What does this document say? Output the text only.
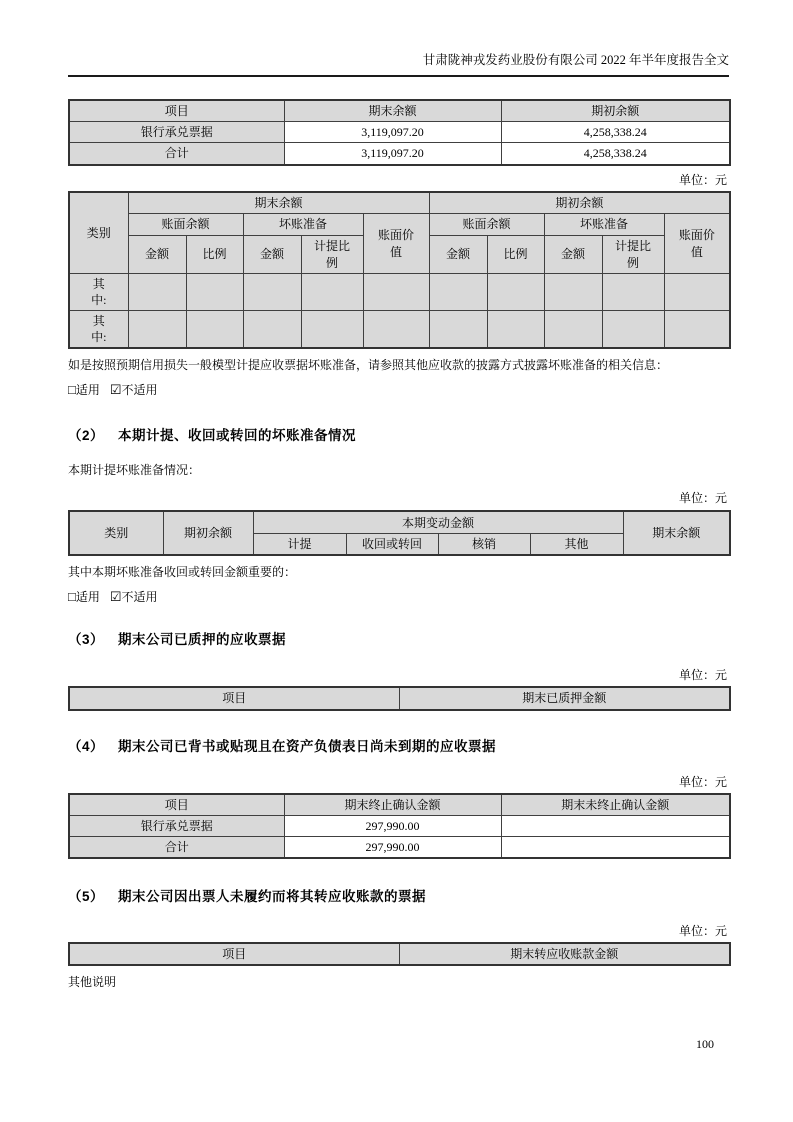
甘肃陇神戎发药业股份有限公司 2022 年半年度报告全文
项目	期末余额	期初余额
银行承兑票据	3,119,097.20	4,258,338.24
合计	3,119,097.20	4,258,338.24
单位：元
类别	期末余额					期初余额				
	账面余额		坏账准备		账面价值	账面余额		坏账准备		账面价值
	金额	比例	金额	计提比例		金额	比例	金额	计提比例	
其中:										
其中:										

如是按照预期信用损失一般模型计提应收票据坏账准备，请参照其他应收款的披露方式披露坏账准备的相关信息：

□适用 ☑不适用
（2） 本期计提、收回或转回的坏账准备情况

本期计提坏账准备情况：

单位：元
类别	期初余额	本期变动金额				期末余额
		计提	收回或转回	核销	其他	

其中本期坏账准备收回或转回金额重要的：

□适用 ☑不适用
（3） 期末公司已质押的应收票据
单位：元
项目	期末已质押金额
（4） 期末公司已背书或贴现且在资产负债表日尚未到期的应收票据
单位：元
项目	期末终止确认金额	期末未终止确认金额
银行承兑票据	297,990.00	
合计	297,990.00	
（5） 期末公司因出票人未履约而将其转应收账款的票据
单位：元
项目	期末转应收账款金额

其他说明

100
